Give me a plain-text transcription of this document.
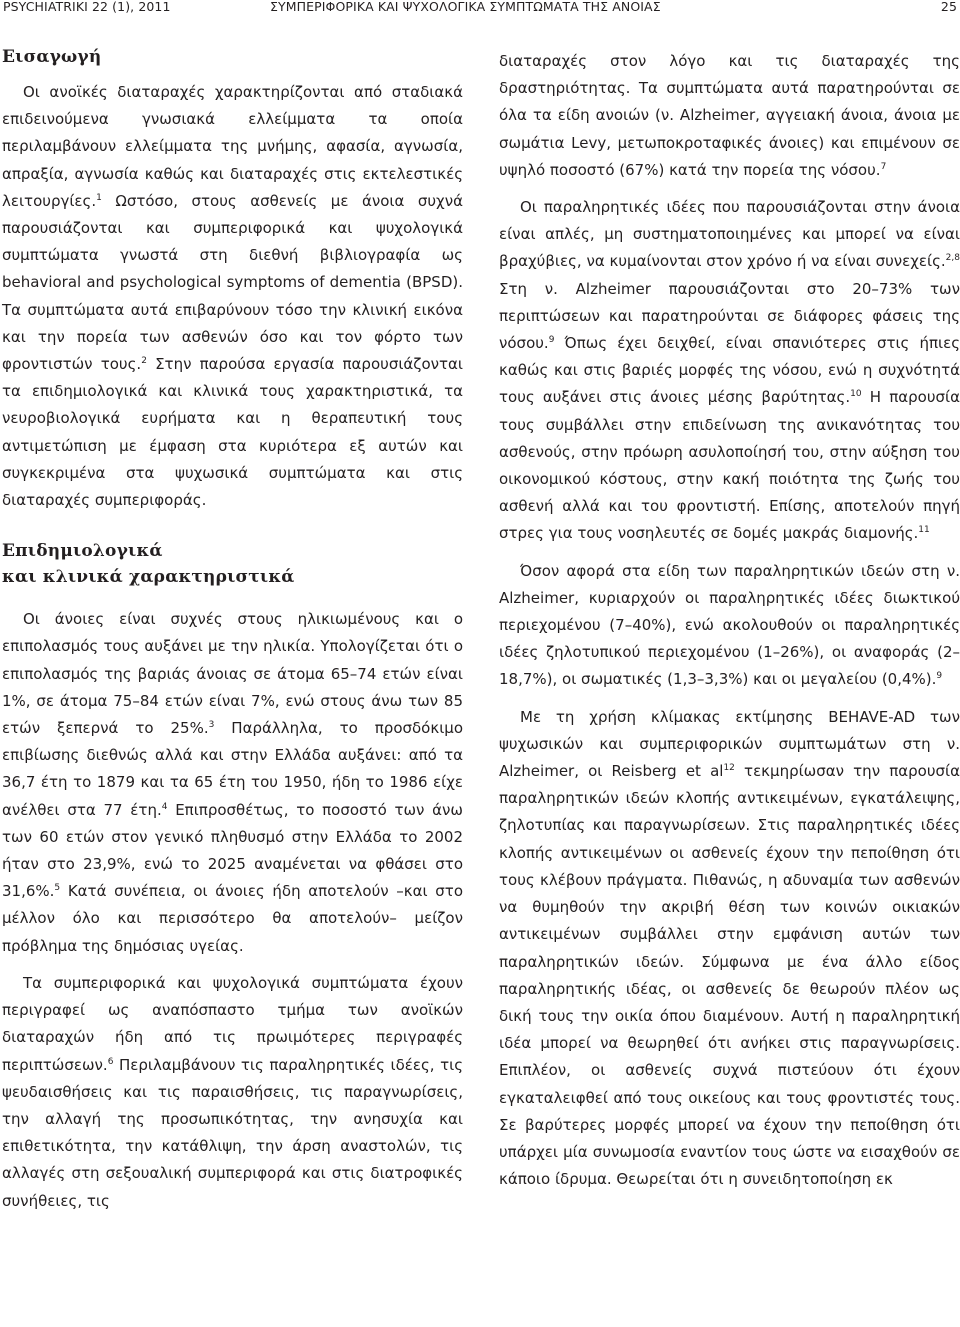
PSYCHIATRIKI 22 (1), 2011	ΣΥΜΠΕΡΙΦΟΡΙΚΑ ΚΑΙ ΨΥΧΟΛΟΓΙΚΑ ΣΥΜΠΤΩΜΑΤΑ ΤΗΣ ΑΝΟΙΑΣ	25
Εισαγωγή

Οι ανοϊκές διαταραχές χαρακτηρίζονται από σταδιακά επιδεινούμενα γνωσιακά ελλείμματα τα οποία περιλαμβάνουν ελλείμματα της μνήμης, αφασία, αγνωσία, απραξία, αγνωσία καθώς και διαταραχές στις εκτελεστικές λειτουργίες.$^1$ Ωστόσο, στους ασθενείς με άνοια συχνά παρουσιάζονται και συμπεριφορικά και ψυχολογικά συμπτώματα γνωστά στη διεθνή βιβλιογραφία ως behavioral and psychological symptoms of dementia (BPSD). Τα συμπτώματα αυτά επιβαρύνουν τόσο την κλινική εικόνα και την πορεία των ασθενών όσο και τον φόρτο των φροντιστών τους.$^2$ Στην παρούσα εργασία παρουσιάζονται τα επιδημιολογικά και κλινικά τους χαρακτηριστικά, τα νευροβιολογικά ευρήματα και η θεραπευτική τους αντιμετώπιση με έμφαση στα κυριότερα εξ αυτών και συγκεκριμένα στα ψυχωσικά συμπτώματα και στις διαταραχές συμπεριφοράς.

Επιδημιολογικά
και κλινικά χαρακτηριστικά

Οι άνοιες είναι συχνές στους ηλικιωμένους και ο επιπολασμός τους αυξάνει με την ηλικία. Υπολογίζεται ότι ο επιπολασμός της βαριάς άνοιας σε άτομα 65–74 ετών είναι 1%, σε άτομα 75–84 ετών είναι 7%, ενώ στους άνω των 85 ετών ξεπερνά το 25%.$^3$ Παράλληλα, το προσδόκιμο επιβίωσης διεθνώς αλλά και στην Ελλάδα αυξάνει: από τα 36,7 έτη το 1879 και τα 65 έτη του 1950, ήδη το 1986 είχε ανέλθει στα 77 έτη.$^4$ Επιπροσθέτως, το ποσοστό των άνω των 60 ετών στον γενικό πληθυσμό στην Ελλάδα το 2002 ήταν στο 23,9%, ενώ το 2025 αναμένεται να φθάσει στο 31,6%.$^5$ Κατά συνέπεια, οι άνοιες ήδη αποτελούν –και στο μέλλον όλο και περισσότερο θα αποτελούν– μείζον πρόβλημα της δημόσιας υγείας.

Τα συμπεριφορικά και ψυχολογικά συμπτώματα έχουν περιγραφεί ως αναπόσπαστο τμήμα των ανοϊκών διαταραχών ήδη από τις πρωιμότερες περιγραφές περιπτώσεων.$^6$ Περιλαμβάνουν τις παραληρητικές ιδέες, τις ψευδαισθήσεις και τις παραισθήσεις, τις παραγνωρίσεις, την αλλαγή της προσωπικότητας, την ανησυχία και επιθετικότητα, την κατάθλιψη, την άρση αναστολών, τις αλλαγές στη σεξουαλική συμπεριφορά και στις διατροφικές συνήθειες, τις

διαταραχές στον λόγο και τις διαταραχές της δραστηριότητας. Τα συμπτώματα αυτά παρατηρούνται σε όλα τα είδη ανοιών (ν. Alzheimer, αγγειακή άνοια, άνοια με σωμάτια Levy, μετωποκροταφικές άνοιες) και επιμένουν σε υψηλό ποσοστό (67%) κατά την πορεία της νόσου.$^7$

Οι παραληρητικές ιδέες που παρουσιάζονται στην άνοια είναι απλές, μη συστηματοποιημένες και μπορεί να είναι βραχύβιες, να κυμαίνονται στον χρόνο ή να είναι συνεχείς.$^{2,8}$ Στη ν. Alzheimer παρουσιάζονται στο 20–73% των περιπτώσεων και παρατηρούνται σε διάφορες φάσεις της νόσου.$^9$ Όπως έχει δειχθεί, είναι σπανιότερες στις ήπιες καθώς και στις βαριές μορφές της νόσου, ενώ η συχνότητά τους αυξάνει στις άνοιες μέσης βαρύτητας.$^{10}$ Η παρουσία τους συμβάλλει στην επιδείνωση της ανικανότητας του ασθενούς, στην πρόωρη ασυλοποίησή του, στην αύξηση του οικονομικού κόστους, στην κακή ποιότητα της ζωής του ασθενή αλλά και του φροντιστή. Επίσης, αποτελούν πηγή στρες για τους νοσηλευτές σε δομές μακράς διαμονής.$^{11}$

Όσον αφορά στα είδη των παραληρητικών ιδεών στη ν. Alzheimer, κυριαρχούν οι παραληρητικές ιδέες διωκτικού περιεχομένου (7–40%), ενώ ακολουθούν οι παραληρητικές ιδέες ζηλοτυπικού περιεχομένου (1–26%), οι αναφοράς (2–18,7%), οι σωματικές (1,3–3,3%) και οι μεγαλείου (0,4%).$^9$

Με τη χρήση κλίμακας εκτίμησης BEHAVE-AD των ψυχωσικών και συμπεριφορικών συμπτωμάτων στη ν. Alzheimer, οι Reisberg et $al^{12}$ τεκμηρίωσαν την παρουσία παραληρητικών ιδεών κλοπής αντικειμένων, εγκατάλειψης, ζηλοτυπίας και παραγνωρίσεων. Στις παραληρητικές ιδέες κλοπής αντικειμένων οι ασθενείς έχουν την πεποίθηση ότι τους κλέβουν πράγματα. Πιθανώς, η αδυναμία των ασθενών να θυμηθούν την ακριβή θέση των κοινών οικιακών αντικειμένων συμβάλλει στην εμφάνιση αυτών των παραληρητικών ιδεών. Σύμφωνα με ένα άλλο είδος παραληρητικής ιδέας, οι ασθενείς δε θεωρούν πλέον ως δική τους την οικία όπου διαμένουν. Αυτή η παραληρητική ιδέα μπορεί να θεωρηθεί ότι ανήκει στις παραγνωρίσεις. Επιπλέον, οι ασθενείς συχνά πιστεύουν ότι έχουν εγκαταλειφθεί από τους οικείους και τους φροντιστές τους. Σε βαρύτερες μορφές μπορεί να έχουν την πεποίθηση ότι υπάρχει μία συνωμοσία εναντίον τους ώστε να εισαχθούν σε κάποιο ίδρυμα. Θεωρείται ότι η συνειδητοποίηση εκ
